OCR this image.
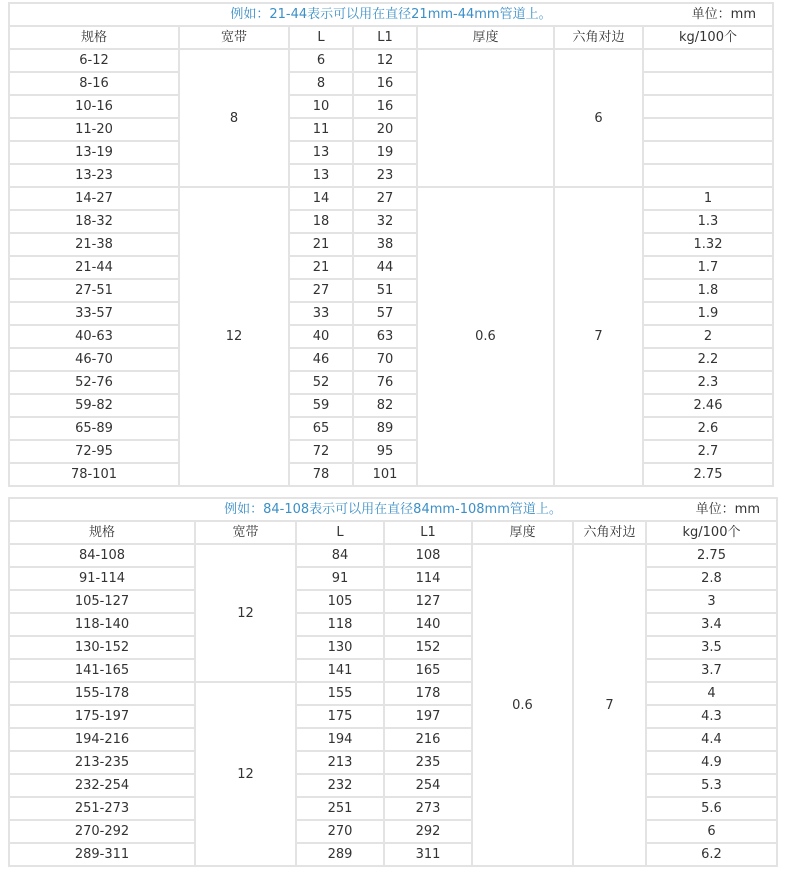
例如：21-44表示可以用在直径21mm-44mm管道上。 单位：mm						

规格	宽带	L	L1	厚度	六角对边	kg/100个
6-12	8	6	12		6	
8-16		8	16			
10-16		10	16			
11-20		11	20			
13-19		13	19			
13-23		13	23			
14-27	12	14	27	0.6	7	1
18-32		18	32			1.3
21-38		21	38			1.32
21-44		21	44			1.7
27-51		27	51			1.8
33-57		33	57			1.9
40-63		40	63			2
46-70		46	70			2.2
52-76		52	76			2.3
59-82		59	82			2.46
65-89		65	89			2.6
72-95		72	95			2.7
78-101		78	101			2.75
例如：84-108表示可以用在直径84mm-108mm管道上。 单位：mm						

规格	宽带	L	L1	厚度	六角对边	kg/100个
84-108	12	84	108	0.6	7	2.75
91-114		91	114			2.8
105-127		105	127			3
118-140		118	140			3.4
130-152		130	152			3.5
141-165		141	165			3.7
155-178	12	155	178			4
175-197		175	197			4.3
194-216		194	216			4.4
213-235		213	235			4.9
232-254		232	254			5.3
251-273		251	273			5.6
270-292		270	292			6
289-311		289	311			6.2
